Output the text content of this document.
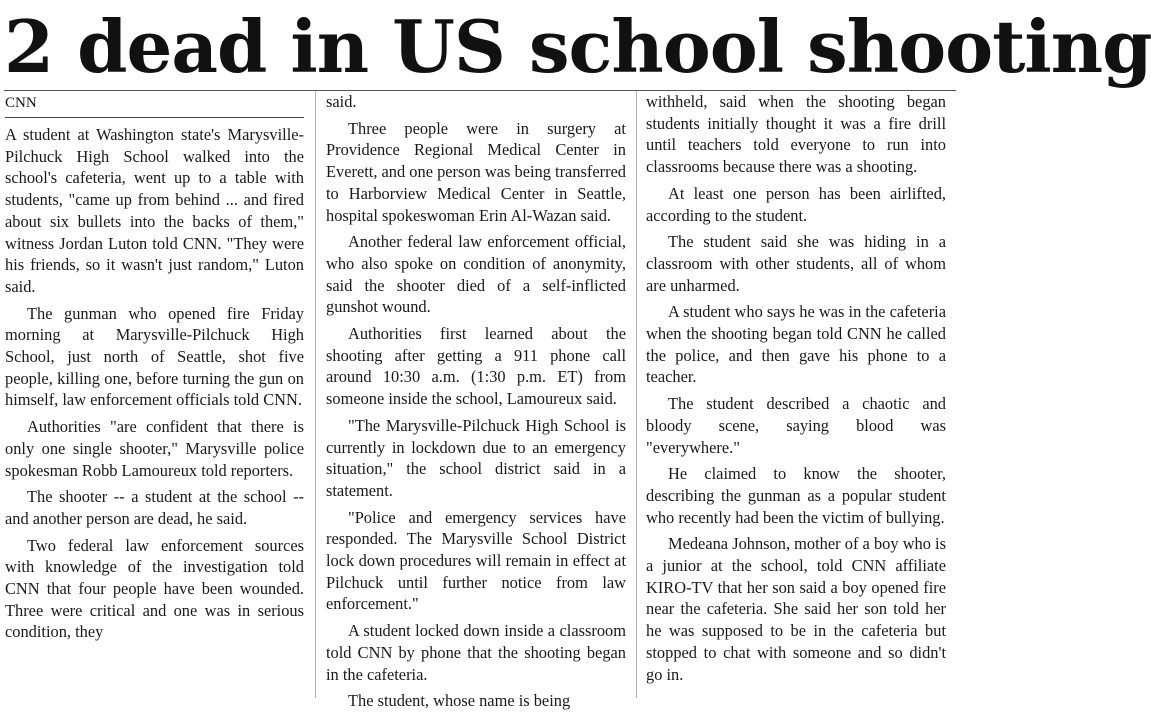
2 dead in US school shooting
CNN

A student at Washington state's Marysville-Pilchuck High School walked into the school's cafeteria, went up to a table with students, "came up from behind ... and fired about six bullets into the backs of them," witness Jordan Luton told CNN. "They were his friends, so it wasn't just random," Luton said.

The gunman who opened fire Friday morning at Marysville-Pilchuck High School, just north of Seattle, shot five people, killing one, before turning the gun on himself, law enforcement officials told CNN.

Authorities "are confident that there is only one single shooter," Marysville police spokesman Robb Lamoureux told reporters.

The shooter -- a student at the school -- and another person are dead, he said.

Two federal law enforcement sources with knowledge of the investigation told CNN that four people have been wounded. Three were critical and one was in serious condition, they

said.

Three people were in surgery at Providence Regional Medical Center in Everett, and one person was being transferred to Harborview Medical Center in Seattle, hospital spokeswoman Erin Al-Wazan said.

Another federal law enforcement official, who also spoke on condition of anonymity, said the shooter died of a self-inflicted gunshot wound.

Authorities first learned about the shooting after getting a 911 phone call around 10:30 a.m. (1:30 p.m. ET) from someone inside the school, Lamoureux said.

"The Marysville-Pilchuck High School is currently in lockdown due to an emergency situation," the school district said in a statement.

"Police and emergency services have responded. The Marysville School District lock down procedures will remain in effect at Pilchuck until further notice from law enforcement."

A student locked down inside a classroom told CNN by phone that the shooting began in the cafeteria.

The student, whose name is being

withheld, said when the shooting began students initially thought it was a fire drill until teachers told everyone to run into classrooms because there was a shooting.

At least one person has been airlifted, according to the student.

The student said she was hiding in a classroom with other students, all of whom are unharmed.

A student who says he was in the cafeteria when the shooting began told CNN he called the police, and then gave his phone to a teacher.

The student described a chaotic and bloody scene, saying blood was "everywhere."

He claimed to know the shooter, describing the gunman as a popular student who recently had been the victim of bullying.

Medeana Johnson, mother of a boy who is a junior at the school, told CNN affiliate KIRO-TV that her son said a boy opened fire near the cafeteria. She said her son told her he was supposed to be in the cafeteria but stopped to chat with someone and so didn't go in.
